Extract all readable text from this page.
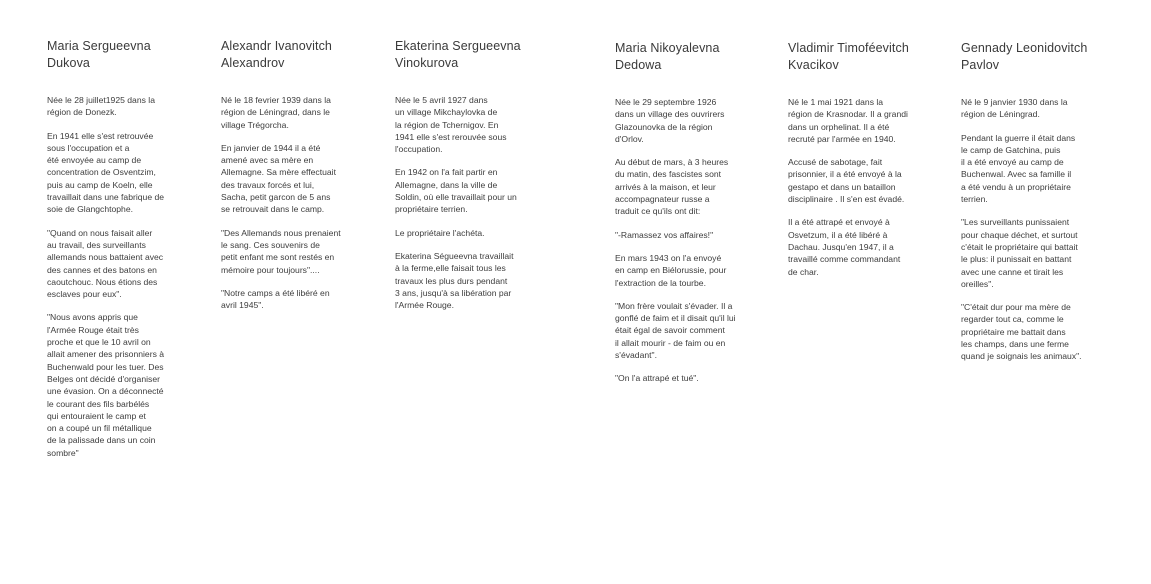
Maria Sergueevna
Dukova

Née le 28 juillet1925 dans la
région de Donezk.

En 1941 elle s'est retrouvée
sous l'occupation et a
été envoyée au camp de
concentration de Osventzim,
puis au camp de Koeln, elle
travaillait dans une fabrique de
soie de Glangchtophe.

"Quand on nous faisait aller
au travail, des surveillants
allemands nous battaient avec
des cannes et des batons en
caoutchouc. Nous étions des
esclaves pour eux".

"Nous avons appris que
l'Armée Rouge était très
proche et que le 10 avril on
allait amener des prisonniers à
Buchenwald pour les tuer. Des
Belges ont décidé d'organiser
une évasion. On a déconnecté
le courant des fils barbélés
qui entouraient le camp et
on a coupé un fil métallique
de la palissade dans un coin
sombre"

Alexandr Ivanovitch
Alexandrov

Né le 18 fevrier 1939 dans la
région de Léningrad, dans le
village Trégorcha.

En janvier de 1944 il a été
amené avec sa mère en
Allemagne. Sa mère effectuait
des travaux forcés et lui,
Sacha, petit garcon de 5 ans
se retrouvait dans le camp.

"Des Allemands nous prenaient
le sang. Ces souvenirs de
petit enfant me sont restés en
mémoire pour toujours"....

"Notre camps a été libéré en
avril 1945".

Ekaterina Sergueevna
Vinokurova

Née le 5 avril 1927 dans
un village Mikchaylovka de
la région de Tchernigov. En
1941 elle s'est rerouvée sous
l'occupation.

En 1942 on l'a fait partir en
Allemagne, dans la ville de
Soldin, où elle travaillait pour un
propriétaire terrien.

Le propriétaire l'achéta.

Ekaterina Ségueevna travaillait
à la ferme,elle faisait tous les
travaux les plus durs pendant
3 ans, jusqu'à sa libération par
l'Armée Rouge.

Maria Nikoyalevna
Dedowa

Née le 29 septembre 1926
dans un village des ouvrirers
Glazounovka de la région
d'Orlov.

Au début de mars, à 3 heures
du matin, des fascistes sont
arrivés à la maison, et leur
accompagnateur russe a
traduit ce qu'ils ont dit:

"-Ramassez vos affaires!"

En mars 1943 on l'a envoyé
en camp en Biélorussie, pour
l'extraction de la tourbe.

"Mon frère voulait s'évader. Il a
gonflé de faim et il disait qu'il lui
était égal de savoir comment
il allait mourir - de faim ou en
s'évadant".

"On l'a attrapé et tué".

Vladimir Timoféevitch
Kvacikov

Né le 1 mai 1921 dans la
région de Krasnodar. Il a grandi
dans un orphelinat. Il a été
recruté par l'armée en 1940.

Accusé de sabotage, fait
prisonnier, il a été envoyé à la
gestapo et dans un bataillon
disciplinaire . Il s'en est évadé.

Il a été attrapé et envoyé à
Osvetzum, il a été libéré à
Dachau. Jusqu'en 1947, il a
travaillé comme commandant
de char.

Gennady Leonidovitch
Pavlov

Né le 9 janvier 1930 dans la
région de Léningrad.

Pendant la guerre il était dans
le camp de Gatchina, puis
il a été envoyé au camp de
Buchenwal. Avec sa famille il
a été vendu à un propriétaire
terrien.

"Les surveillants punissaient
pour chaque déchet, et surtout
c'était le propriétaire qui battait
le plus: il punissait en battant
avec une canne et tirait les
oreilles".

"C'était dur pour ma mère de
regarder tout ca, comme le
propriétaire me battait dans
les champs, dans une ferme
quand je soignais les animaux".
